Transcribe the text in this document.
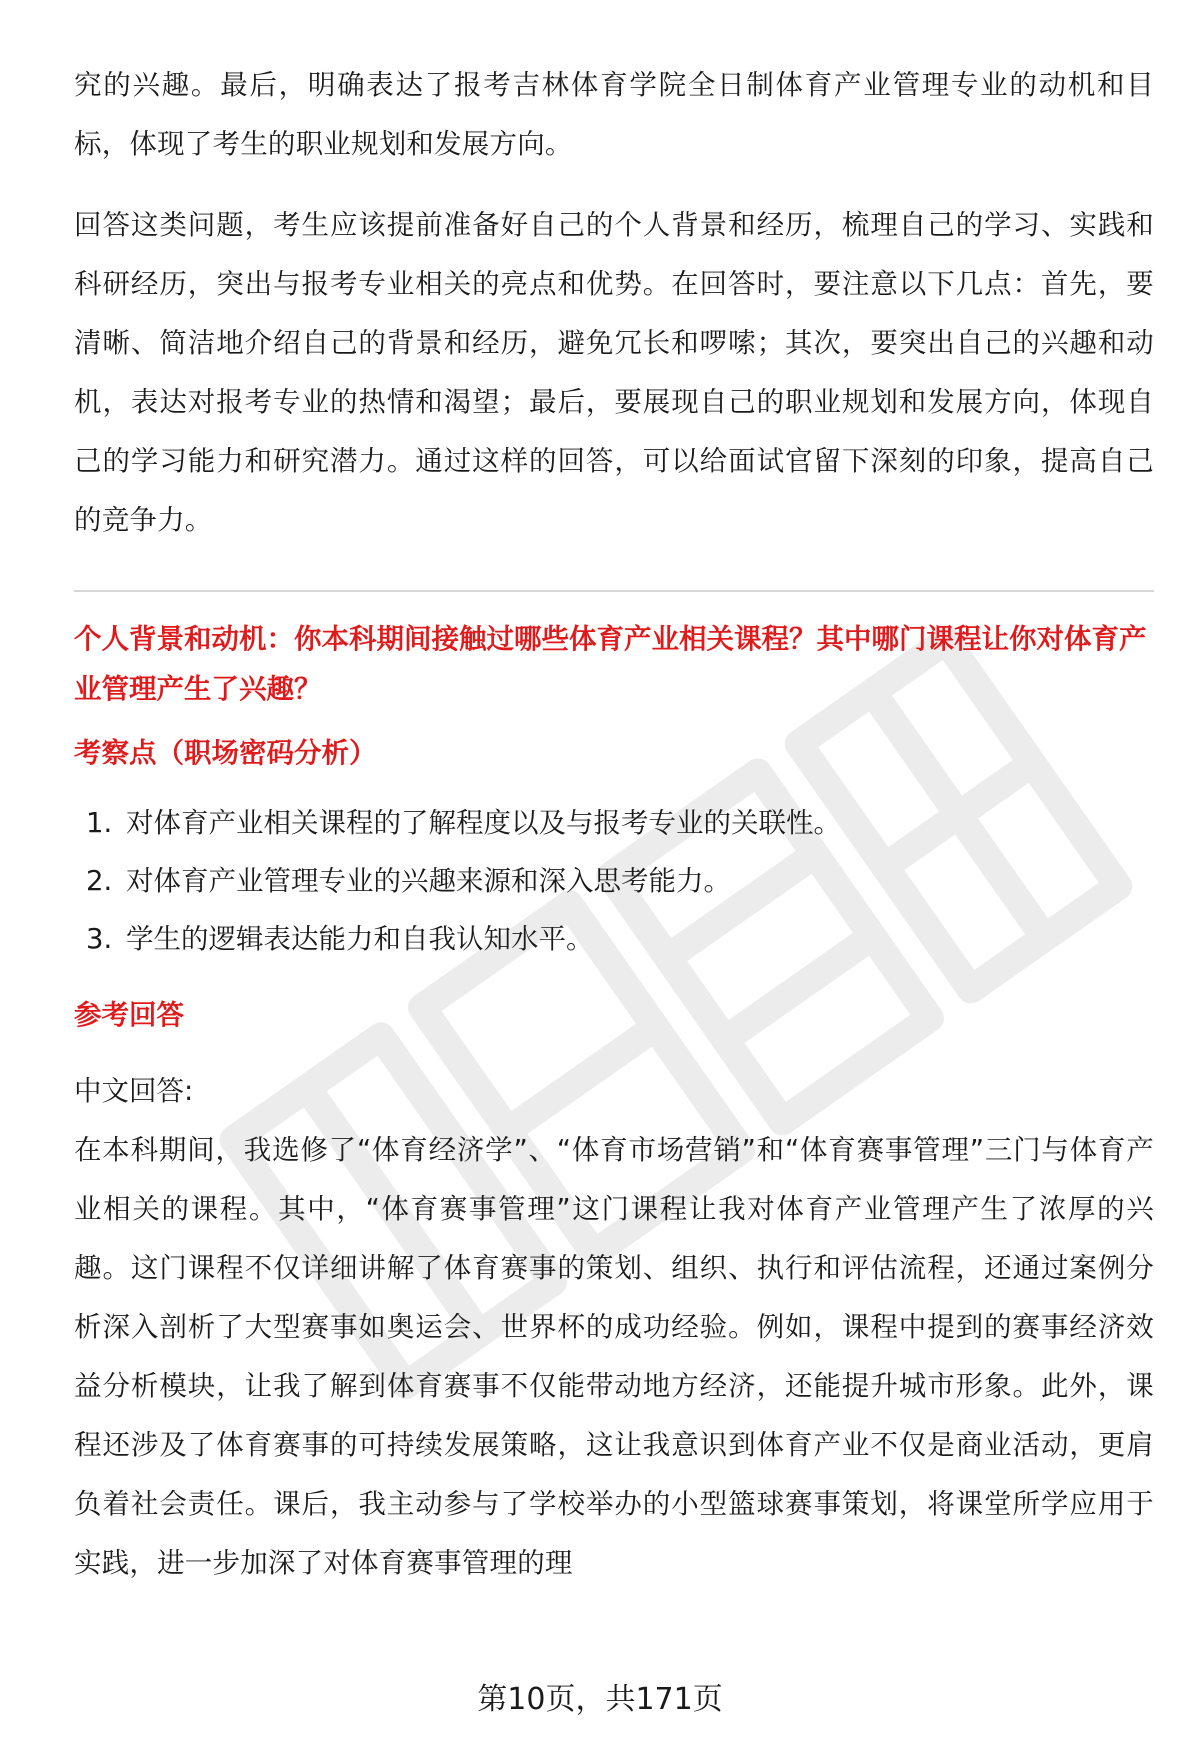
究的兴趣。最后，明确表达了报考吉林体育学院全日制体育产业管理专业的动机和目标，体现了考生的职业规划和发展方向。

回答这类问题，考生应该提前准备好自己的个人背景和经历，梳理自己的学习、实践和科研经历，突出与报考专业相关的亮点和优势。在回答时，要注意以下几点：首先，要清晰、简洁地介绍自己的背景和经历，避免冗长和啰嗦；其次，要突出自己的兴趣和动机，表达对报考专业的热情和渴望；最后，要展现自己的职业规划和发展方向，体现自己的学习能力和研究潜力。通过这样的回答，可以给面试官留下深刻的印象，提高自己的竞争力。

个人背景和动机：你本科期间接触过哪些体育产业相关课程？其中哪门课程让你对体育产业管理产生了兴趣？

考察点（职场密码分析）

1. 对体育产业相关课程的了解程度以及与报考专业的关联性。
2. 对体育产业管理专业的兴趣来源和深入思考能力。
3. 学生的逻辑表达能力和自我认知水平。

参考回答

中文回答:

在本科期间，我选修了“体育经济学”、“体育市场营销”和“体育赛事管理”三门与体育产业相关的课程。其中，“体育赛事管理”这门课程让我对体育产业管理产生了浓厚的兴趣。这门课程不仅详细讲解了体育赛事的策划、组织、执行和评估流程，还通过案例分析深入剖析了大型赛事如奥运会、世界杯的成功经验。例如，课程中提到的赛事经济效益分析模块，让我了解到体育赛事不仅能带动地方经济，还能提升城市形象。此外，课程还涉及了体育赛事的可持续发展策略，这让我意识到体育产业不仅是商业活动，更肩负着社会责任。课后，我主动参与了学校举办的小型篮球赛事策划，将课堂所学应用于实践，进一步加深了对体育赛事管理的理

第10页，共171页
